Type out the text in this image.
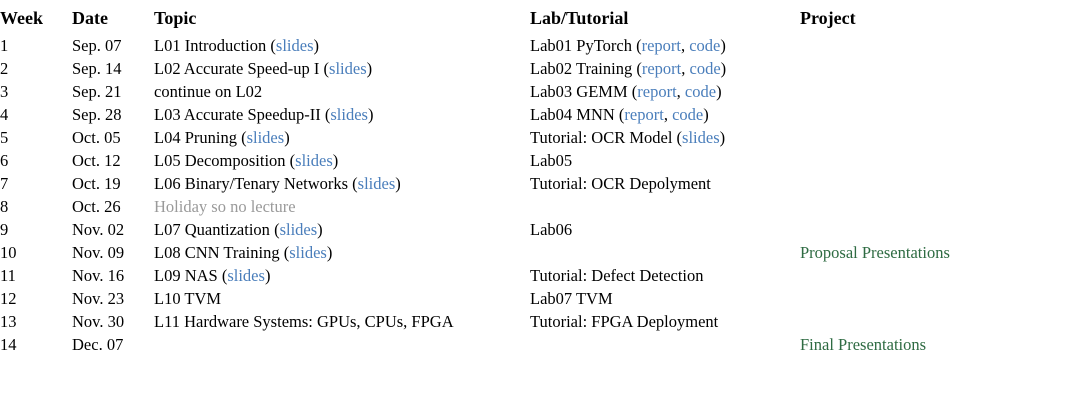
Week	Date	Topic	Lab/Tutorial	Project
1	Sep. 07	L01 Introduction (slides)	Lab01 PyTorch (report, code)	
2	Sep. 14	L02 Accurate Speed-up I (slides)	Lab02 Training (report, code)	
3	Sep. 21	continue on L02	Lab03 GEMM (report, code)	
4	Sep. 28	L03 Accurate Speedup-II (slides)	Lab04 MNN (report, code)	
5	Oct. 05	L04 Pruning (slides)	Tutorial: OCR Model (slides)	
6	Oct. 12	L05 Decomposition (slides)	Lab05	
7	Oct. 19	L06 Binary/Tenary Networks (slides)	Tutorial: OCR Depolyment	
8	Oct. 26	Holiday so no lecture		
9	Nov. 02	L07 Quantization (slides)	Lab06	
10	Nov. 09	L08 CNN Training (slides)		Proposal Presentations
11	Nov. 16	L09 NAS (slides)	Tutorial: Defect Detection	
12	Nov. 23	L10 TVM	Lab07 TVM	
13	Nov. 30	L11 Hardware Systems: GPUs, CPUs, FPGA	Tutorial: FPGA Deployment	
14	Dec. 07			Final Presentations
